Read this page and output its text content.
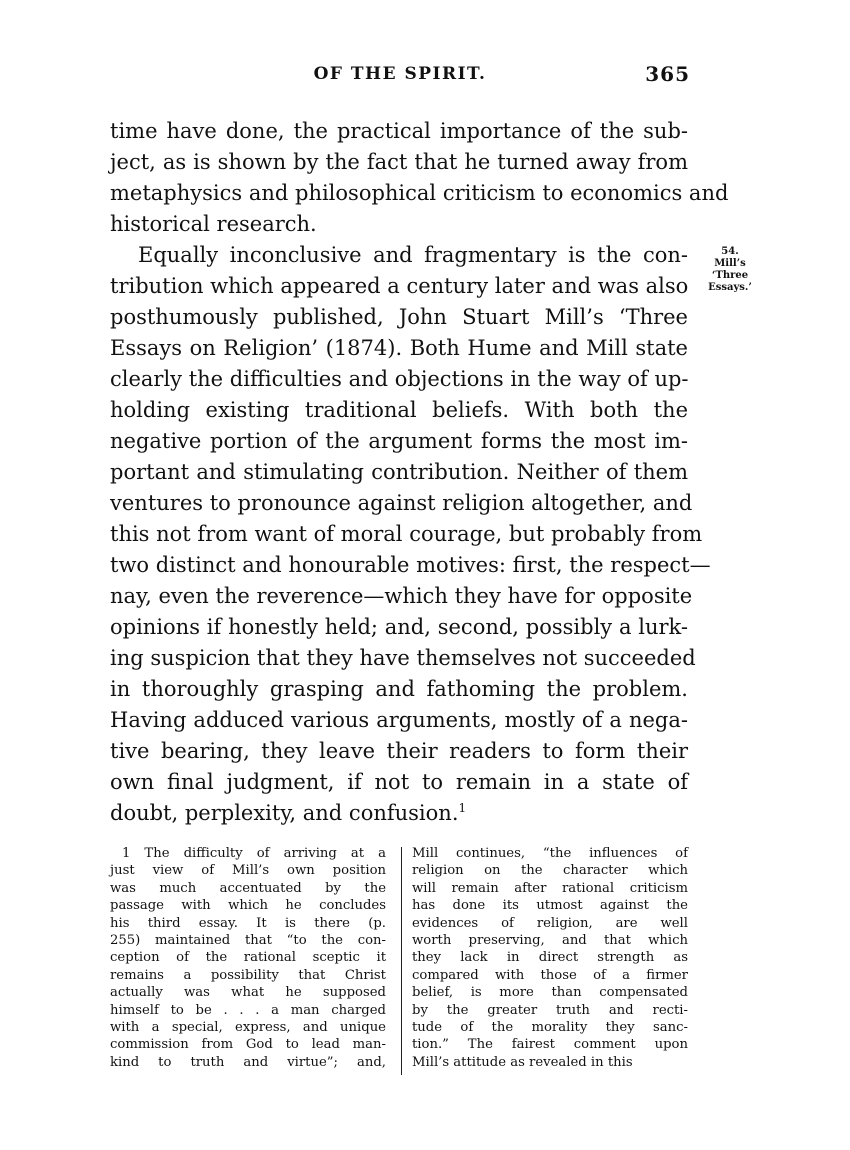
OF THE SPIRIT.	365
time have done, the practical importance of the sub-
ject, as is shown by the fact that he turned away from
metaphysics and philosophical criticism to economics and
historical research.
Equally inconclusive and fragmentary is the con-
tribution which appeared a century later and was also
posthumously published, John Stuart Mill’s ‘Three
Essays on Religion’ (1874). Both Hume and Mill state
clearly the difficulties and objections in the way of up-
holding existing traditional beliefs. With both the
negative portion of the argument forms the most im-
portant and stimulating contribution. Neither of them
ventures to pronounce against religion altogether, and
this not from want of moral courage, but probably from
two distinct and honourable motives: first, the respect—
nay, even the reverence—which they have for opposite
opinions if honestly held; and, second, possibly a lurk-
ing suspicion that they have themselves not succeeded
in thoroughly grasping and fathoming the problem.
Having adduced various arguments, mostly of a nega-
tive bearing, they leave their readers to form their
own final judgment, if not to remain in a state of
doubt, perplexity, and confusion.$^1$
54.
Mill’s
‘Three
Essays.’
1 The difficulty of arriving at a
just view of Mill’s own position
was much accentuated by the
passage with which he concludes
his third essay. It is there (p.
255) maintained that “to the con-
ception of the rational sceptic it
remains a possibility that Christ
actually was what he supposed
himself to be . . . a man charged
with a special, express, and unique
commission from God to lead man-
kind to truth and virtue”; and,
Mill continues, “the influences of
religion on the character which
will remain after rational criticism
has done its utmost against the
evidences of religion, are well
worth preserving, and that which
they lack in direct strength as
compared with those of a firmer
belief, is more than compensated
by the greater truth and recti-
tude of the morality they sanc-
tion.” The fairest comment upon
Mill’s attitude as revealed in this
